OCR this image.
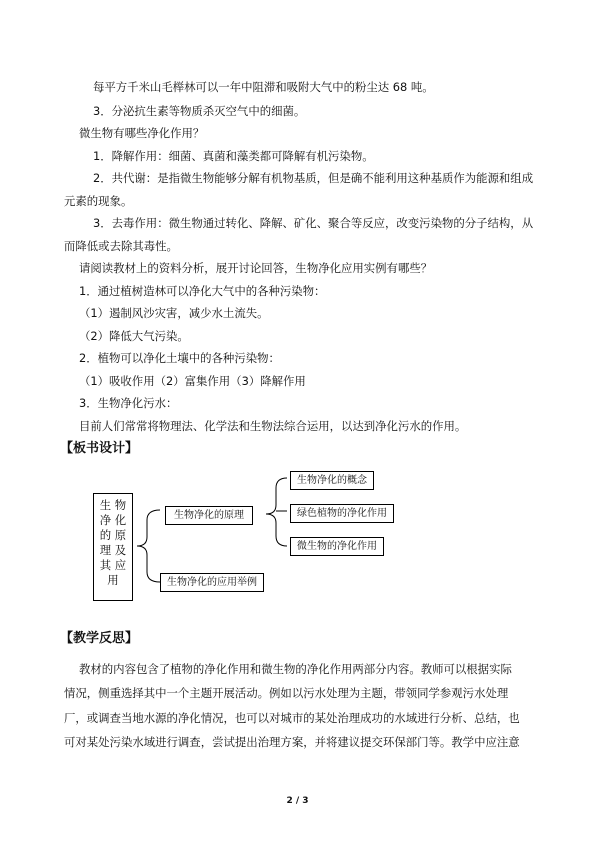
每平方千米山毛榉林可以一年中阻滞和吸附大气中的粉尘达 68 吨。
3．分泌抗生素等物质杀灭空气中的细菌。
微生物有哪些净化作用？
1．降解作用：细菌、真菌和藻类都可降解有机污染物。
2．共代谢：是指微生物能够分解有机物基质，但是确不能利用这种基质作为能源和组成
元素的现象。
3．去毒作用：微生物通过转化、降解、矿化、聚合等反应，改变污染物的分子结构，从
而降低或去除其毒性。
请阅读教材上的资料分析，展开讨论回答，生物净化应用实例有哪些？
1．通过植树造林可以净化大气中的各种污染物：
（1）遏制风沙灾害，减少水土流失。
（2）降低大气污染。
2．植物可以净化土壤中的各种污染物：
（1）吸收作用（2）富集作用（3）降解作用
3．生物净化污水：
目前人们常常将物理法、化学法和生物法综合运用，以达到净化污水的作用。
【板书设计】
生 物
净 化
的 原
理 及
其 应
用
生物净化的原理
生物净化的应用举例
生物净化的概念
绿色植物的净化作用
微生物的净化作用
【教学反思】
教材的内容包含了植物的净化作用和微生物的净化作用两部分内容。教师可以根据实际
情况，侧重选择其中一个主题开展活动。例如以污水处理为主题，带领同学参观污水处理
厂，或调查当地水源的净化情况，也可以对城市的某处治理成功的水域进行分析、总结，也
可对某处污染水域进行调查，尝试提出治理方案，并将建议提交环保部门等。教学中应注意
2 / 3
